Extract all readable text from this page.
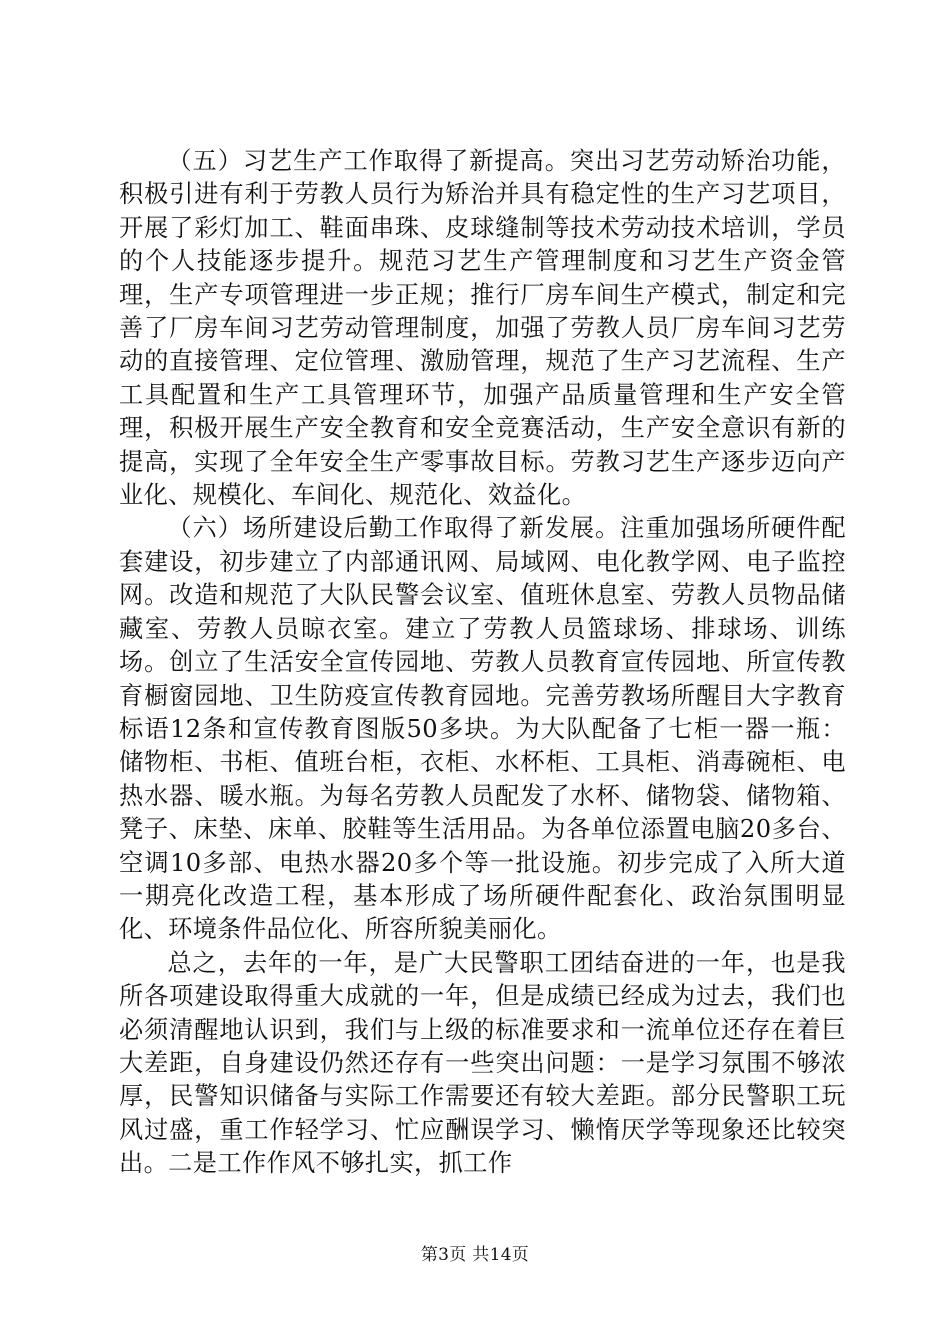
（五）习艺生产工作取得了新提高。突出习艺劳动矫治功能，积极引进有利于劳教人员行为矫治并具有稳定性的生产习艺项目，开展了彩灯加工、鞋面串珠、皮球缝制等技术劳动技术培训，学员的个人技能逐步提升。规范习艺生产管理制度和习艺生产资金管理，生产专项管理进一步正规；推行厂房车间生产模式，制定和完善了厂房车间习艺劳动管理制度，加强了劳教人员厂房车间习艺劳动的直接管理、定位管理、激励管理，规范了生产习艺流程、生产工具配置和生产工具管理环节，加强产品质量管理和生产安全管理，积极开展生产安全教育和安全竞赛活动，生产安全意识有新的提高，实现了全年安全生产零事故目标。劳教习艺生产逐步迈向产业化、规模化、车间化、规范化、效益化。

（六）场所建设后勤工作取得了新发展。注重加强场所硬件配套建设，初步建立了内部通讯网、局域网、电化教学网、电子监控网。改造和规范了大队民警会议室、值班休息室、劳教人员物品储藏室、劳教人员晾衣室。建立了劳教人员篮球场、排球场、训练场。创立了生活安全宣传园地、劳教人员教育宣传园地、所宣传教育橱窗园地、卫生防疫宣传教育园地。完善劳教场所醒目大字教育标语12条和宣传教育图版50多块。为大队配备了七柜一器一瓶：储物柜、书柜、值班台柜，衣柜、水杯柜、工具柜、消毒碗柜、电热水器、暖水瓶。为每名劳教人员配发了水杯、储物袋、储物箱、凳子、床垫、床单、胶鞋等生活用品。为各单位添置电脑20多台、空调10多部、电热水器20多个等一批设施。初步完成了入所大道一期亮化改造工程，基本形成了场所硬件配套化、政治氛围明显化、环境条件品位化、所容所貌美丽化。

总之，去年的一年，是广大民警职工团结奋进的一年，也是我所各项建设取得重大成就的一年，但是成绩已经成为过去，我们也必须清醒地认识到，我们与上级的标准要求和一流单位还存在着巨大差距，自身建设仍然还存有一些突出问题：一是学习氛围不够浓厚，民警知识储备与实际工作需要还有较大差距。部分民警职工玩风过盛，重工作轻学习、忙应酬误学习、懒惰厌学等现象还比较突出。二是工作作风不够扎实，抓工作

第3页 共14页
